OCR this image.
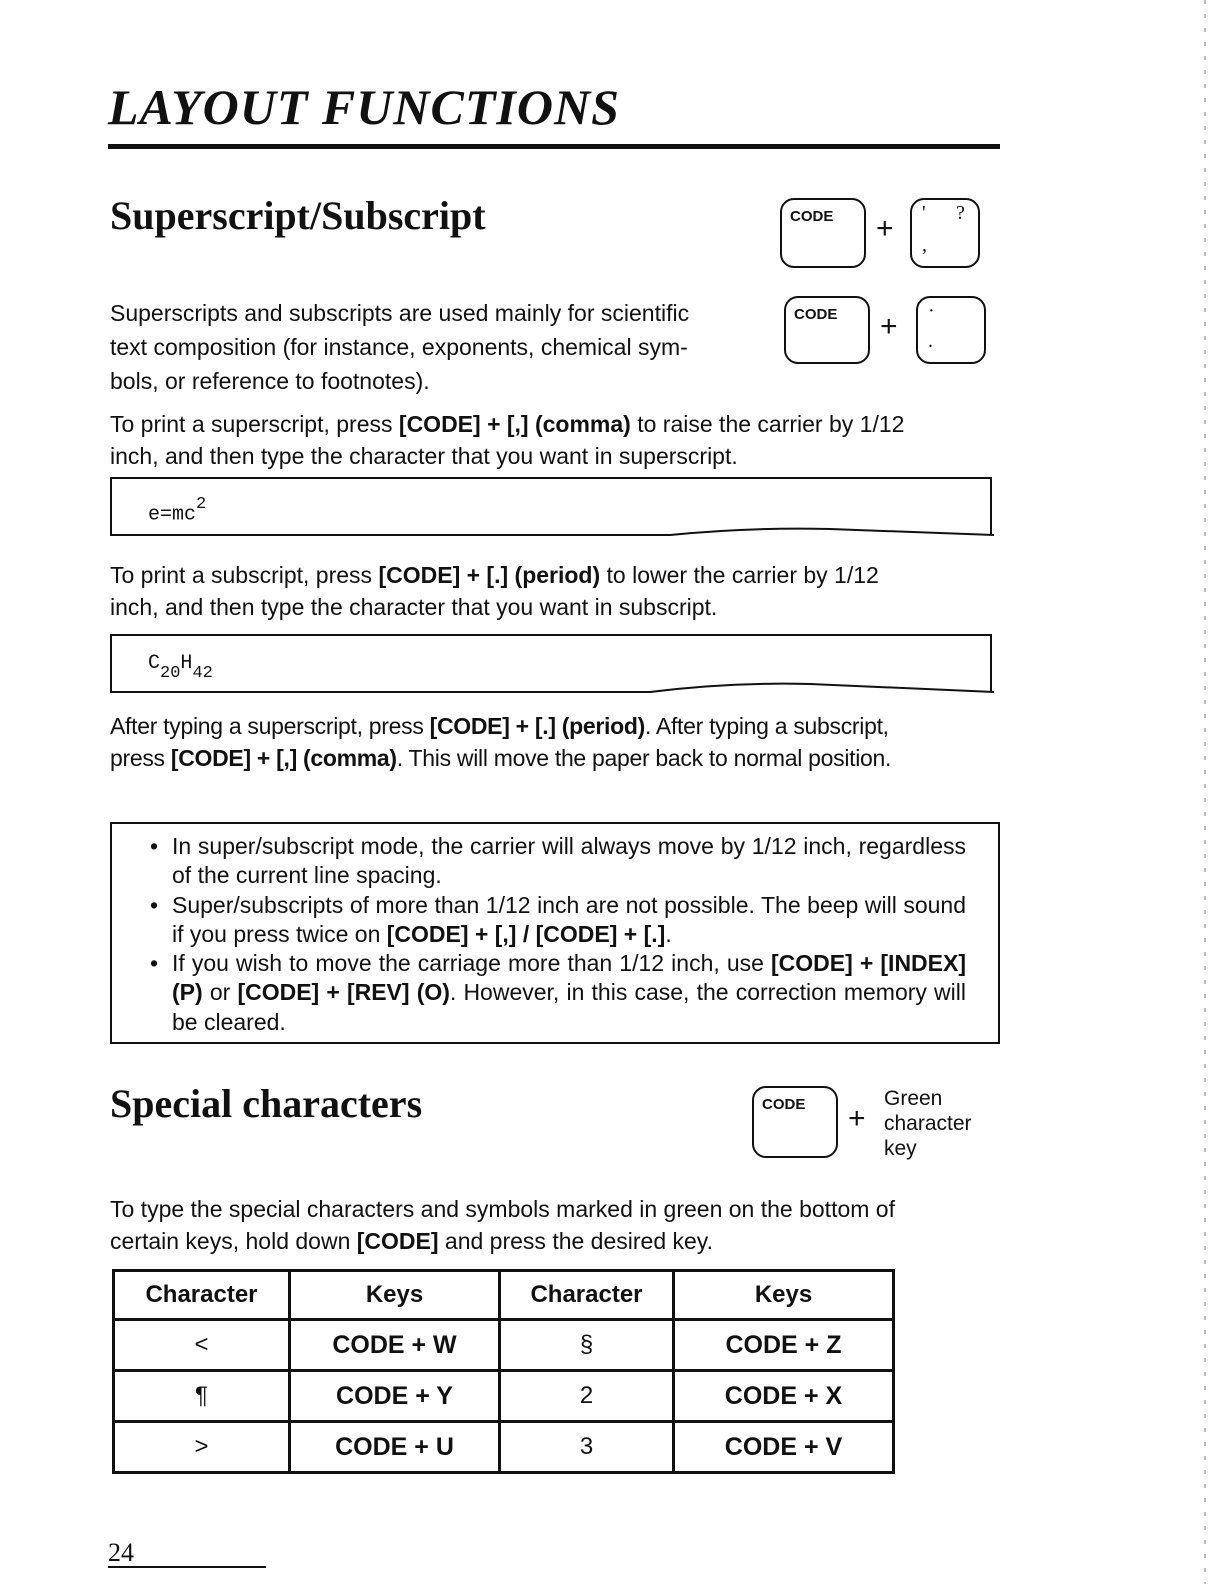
LAYOUT FUNCTIONS
Superscript/Subscript	CODE + ' ?
,
CODE + ·
.

Superscripts and subscripts are used mainly for scientific

text composition (for instance, exponents, chemical sym-

bols, or reference to footnotes).

To print a superscript, press [CODE] + [,] (comma) to raise the carrier by 1/12

inch, and then type the character that you want in superscript.

$e=mc^2$

To print a subscript, press [CODE] + [.] (period) to lower the carrier by 1/12

inch, and then type the character that you want in subscript.

$C_{20}H_{42}$

After typing a superscript, press [CODE] + [.] (period). After typing a subscript,

press [CODE] + [,] (comma). This will move the paper back to normal position.

• In super/subscript mode, the carrier will always move by 1/12 inch, regardless of the current line spacing.
• Super/subscripts of more than 1/12 inch are not possible. The beep will sound if you press twice on [CODE] + [,] / [CODE] + [.].
• If you wish to move the carriage more than 1/12 inch, use [CODE] + [INDEX] (P) or [CODE] + [REV] (O). However, in this case, the correction memory will be cleared.
Special characters	CODE +
Green
character
key

To type the special characters and symbols marked in green on the bottom of

certain keys, hold down [CODE] and press the desired key.

Character	Keys	Character	Keys
<	CODE + W	§	CODE + Z
¶	CODE + Y	2	CODE + X
>	CODE + U	3	CODE + V
24
